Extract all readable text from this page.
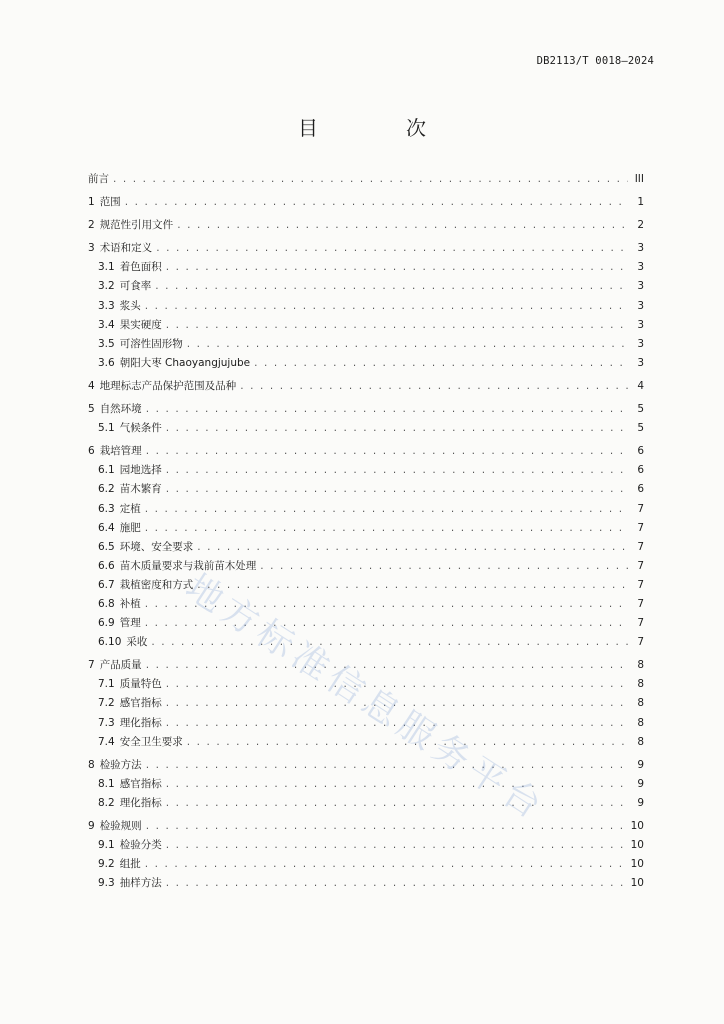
DB2113/T 0018—2024
目　次
前言 . . .	III
1 范围 . . .	1
2 规范性引用文件 . . .	2
3 术语和定义 . . .	3
3.1 着色面积 . . .	3
3.2 可食率 . . .	3
3.3 浆头 . . .	3
3.4 果实硬度 . . .	3
3.5 可溶性固形物 . . .	3
3.6 朝阳大枣 Chaoyangjujube . . .	3
4 地理标志产品保护范围及品种 . . .	4
5 自然环境 . . .	5
5.1 气候条件 . . .	5
6 栽培管理 . . .	6
6.1 园地选择 . . .	6
6.2 苗木繁育 . . .	6
6.3 定植 . . .	7
6.4 施肥 . . .	7
6.5 环境、安全要求 . . .	7
6.6 苗木质量要求与栽前苗木处理 . . .	7
6.7 栽植密度和方式 . . .	7
6.8 补植 . . .	7
6.9 管理 . . .	7
6.10 采收 . . .	7
7 产品质量 . . .	8
7.1 质量特色 . . .	8
7.2 感官指标 . . .	8
7.3 理化指标 . . .	8
7.4 安全卫生要求 . . .	8
8 检验方法 . . .	9
8.1 感官指标 . . .	9
8.2 理化指标 . . .	9
9 检验规则 . . .	10
9.1 检验分类 . . .	10
9.2 组批 . . .	10
9.3 抽样方法 . . .	10
地方标准信息服务平台
